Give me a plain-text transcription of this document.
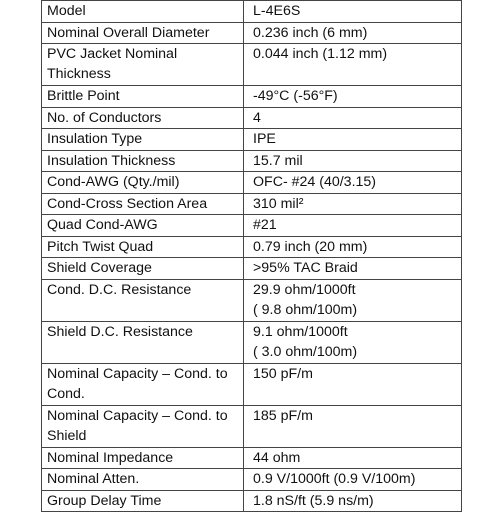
Model	L-4E6S
Nominal Overall Diameter	0.236 inch (6 mm)
PVC Jacket Nominal
Thickness	0.044 inch (1.12 mm)
Brittle Point	-49°C (-56°F)
No. of Conductors	4
Insulation Type	IPE
Insulation Thickness	15.7 mil
Cond-AWG (Qty./mil)	OFC- #24 (40/3.15)
Cond-Cross Section Area	310 mil²
Quad Cond-AWG	#21
Pitch Twist Quad	0.79 inch (20 mm)
Shield Coverage	>95% TAC Braid
Cond. D.C. Resistance	29.9 ohm/1000ft
( 9.8 ohm/100m)
Shield D.C. Resistance	9.1 ohm/1000ft
( 3.0 ohm/100m)
Nominal Capacity – Cond. to
Cond.	150 pF/m
Nominal Capacity – Cond. to
Shield	185 pF/m
Nominal Impedance	44 ohm
Nominal Atten.	0.9 V/1000ft (0.9 V/100m)
Group Delay Time	1.8 nS/ft (5.9 ns/m)
